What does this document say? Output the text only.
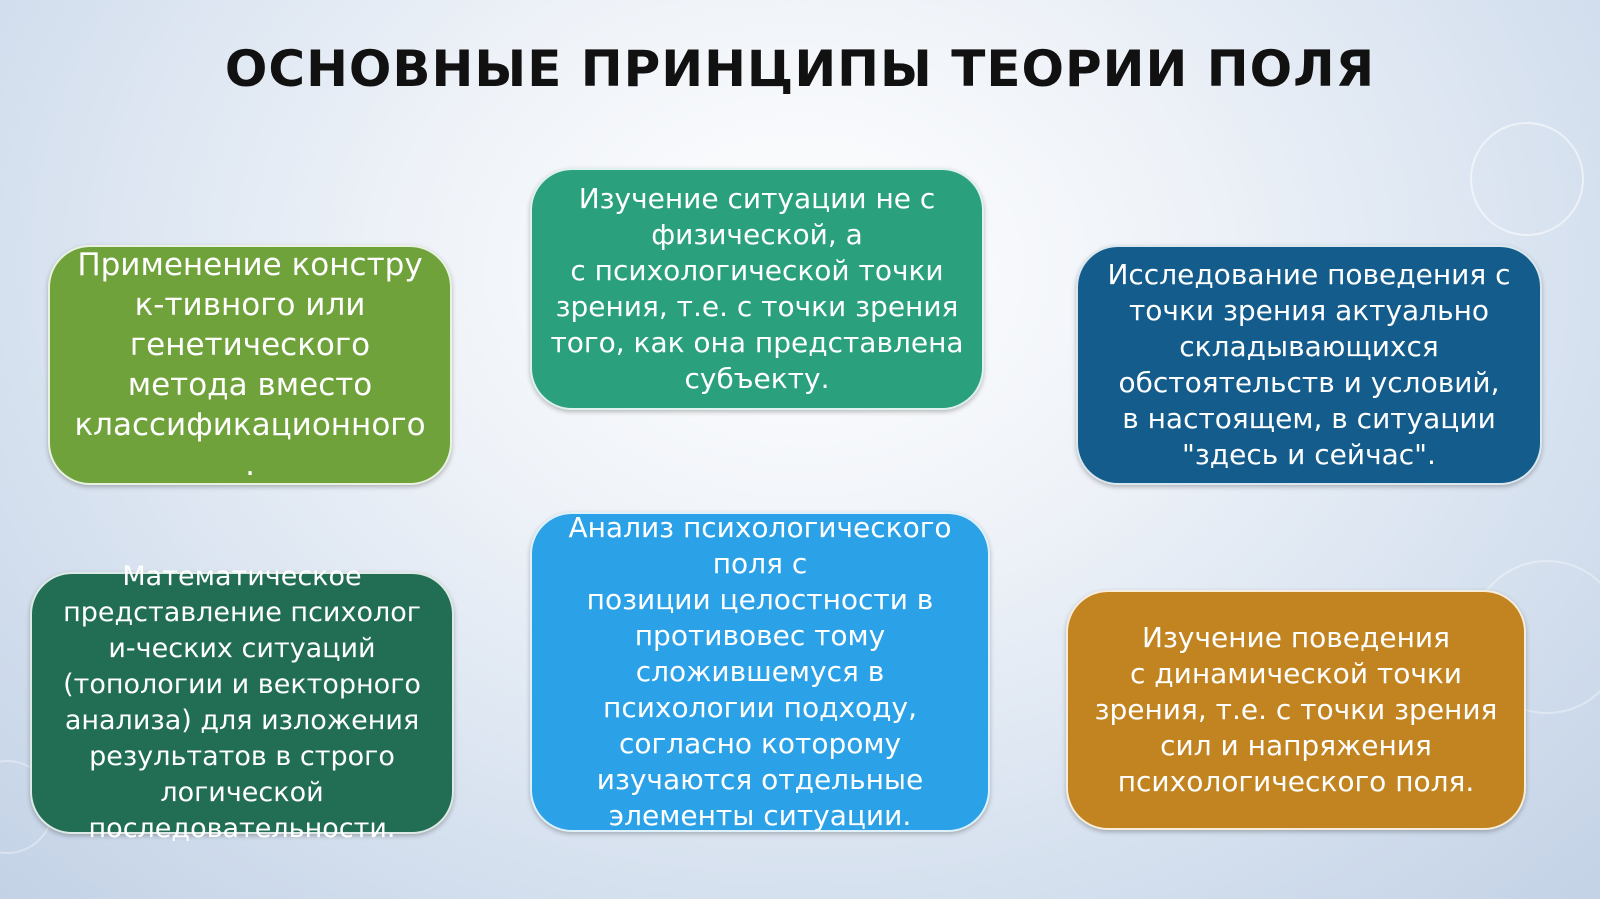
ОСНОВНЫЕ ПРИНЦИПЫ ТЕОРИИ ПОЛЯ
Применение констру
к-тивного или
генетического
метода вместо
классификационного
.
Изучение ситуации не с
физической, а
с психологической точки
зрения, т.е. с точки зрения
того, как она представлена
субъекту.
Исследование поведения с
точки зрения актуально
складывающихся
обстоятельств и условий,
в настоящем, в ситуации
"здесь и сейчас".
Математическое
представление психолог
и-ческих ситуаций
(топологии и векторного
анализа) для изложения
результатов в строго
логической
последовательности.
Анализ психологического
поля с
позиции целостности в
противовес тому
сложившемуся в
психологии подходу,
согласно которому
изучаются отдельные
элементы ситуации.
Изучение поведения
с динамической точки
зрения, т.е. с точки зрения
сил и напряжения
психологического поля.
